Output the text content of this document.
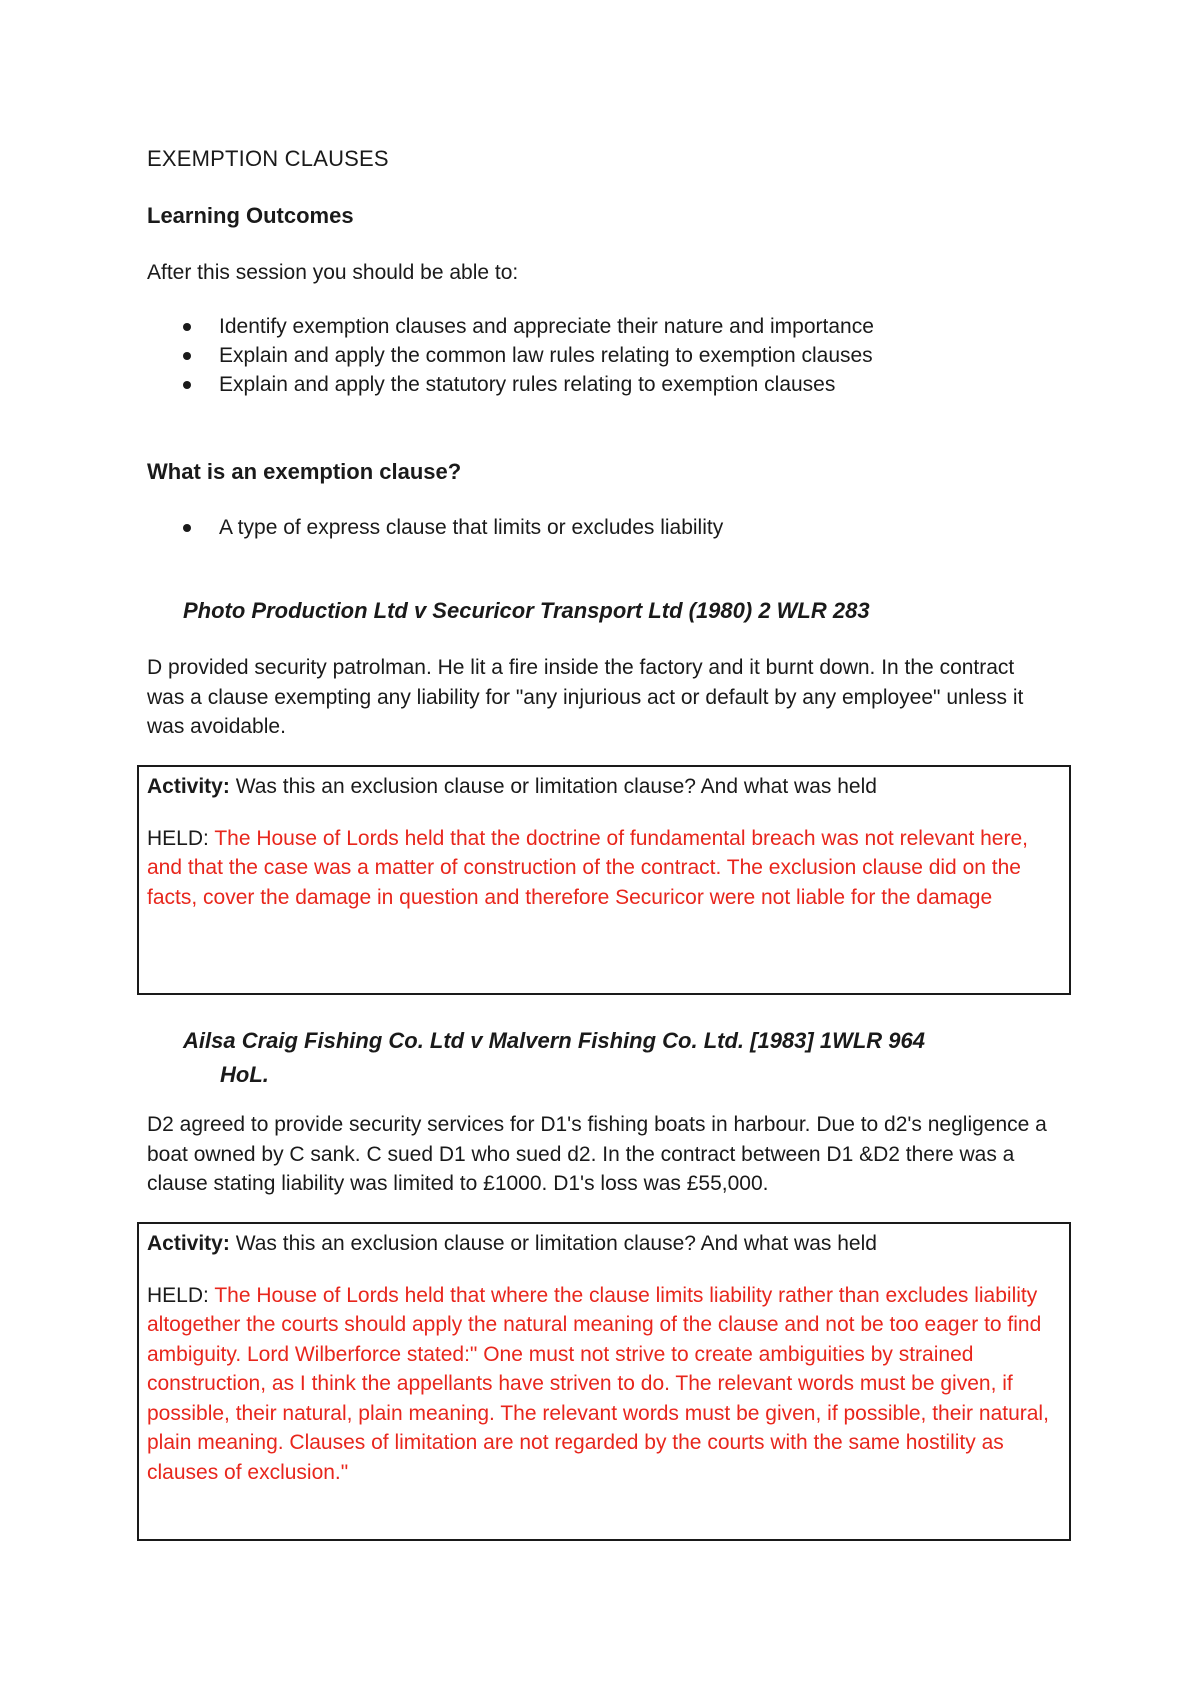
EXEMPTION CLAUSES
Learning Outcomes

After this session you should be able to:

Identify exemption clauses and appreciate their nature and importance
Explain and apply the common law rules relating to exemption clauses
Explain and apply the statutory rules relating to exemption clauses
What is an exemption clause?
A type of express clause that limits or excludes liability
Photo Production Ltd v Securicor Transport Ltd (1980) 2 WLR 283

D provided security patrolman. He lit a fire inside the factory and it burnt down. In the contract was a clause exempting any liability for "any injurious act or default by any employee" unless it was avoidable.

Activity: Was this an exclusion clause or limitation clause? And what was held

HELD: The House of Lords held that the doctrine of fundamental breach was not relevant here, and that the case was a matter of construction of the contract. The exclusion clause did on the facts, cover the damage in question and therefore Securicor were not liable for the damage

Ailsa Craig Fishing Co. Ltd v Malvern Fishing Co. Ltd. [1983] 1WLR 964
HoL.

D2 agreed to provide security services for D1's fishing boats in harbour. Due to d2's negligence a boat owned by C sank. C sued D1 who sued d2. In the contract between D1 &D2 there was a clause stating liability was limited to £1000. D1's loss was £55,000.

Activity: Was this an exclusion clause or limitation clause? And what was held

HELD: The House of Lords held that where the clause limits liability rather than excludes liability altogether the courts should apply the natural meaning of the clause and not be too eager to find ambiguity. Lord Wilberforce stated:" One must not strive to create ambiguities by strained construction, as I think the appellants have striven to do. The relevant words must be given, if possible, their natural, plain meaning. The relevant words must be given, if possible, their natural, plain meaning. Clauses of limitation are not regarded by the courts with the same hostility as clauses of exclusion."
